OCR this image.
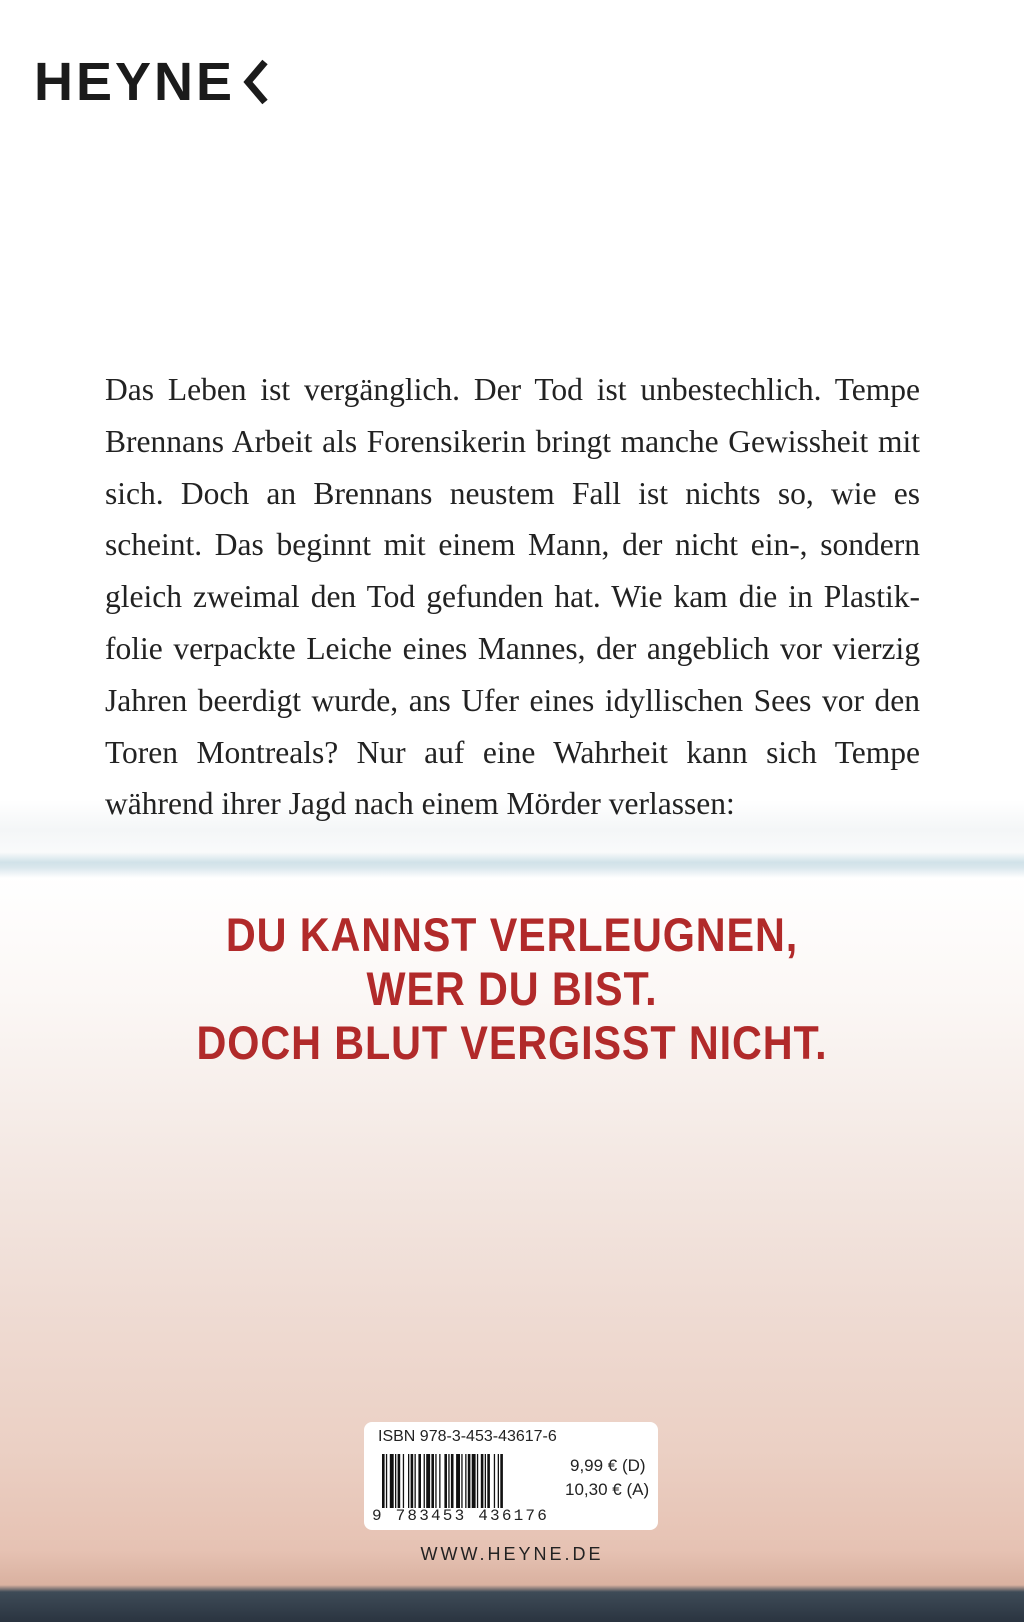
HEYNE
Das Leben ist vergänglich. Der Tod ist unbestechlich. Tempe Brennans Arbeit als Forensikerin bringt manche Gewissheit mit sich. Doch an Brennans neustem Fall ist nichts so, wie es scheint. Das beginnt mit einem Mann, der nicht ein-, sondern gleich zweimal den Tod gefunden hat. Wie kam die in Plastikfolie verpackte Leiche eines Mannes, der angeblich vor vierzig Jahren beerdigt wurde, ans Ufer eines idyllischen Sees vor den Toren Montreals? Nur auf eine Wahrheit kann sich Tempe während ihrer Jagd nach einem Mörder verlassen:
DU KANNST VERLEUGNEN,
WER DU BIST.
DOCH BLUT VERGISST NICHT.
ISBN 978-3-453-43617-6
9 783453 436176
9,99 € (D)
10,30 € (A)
WWW.HEYNE.DE
